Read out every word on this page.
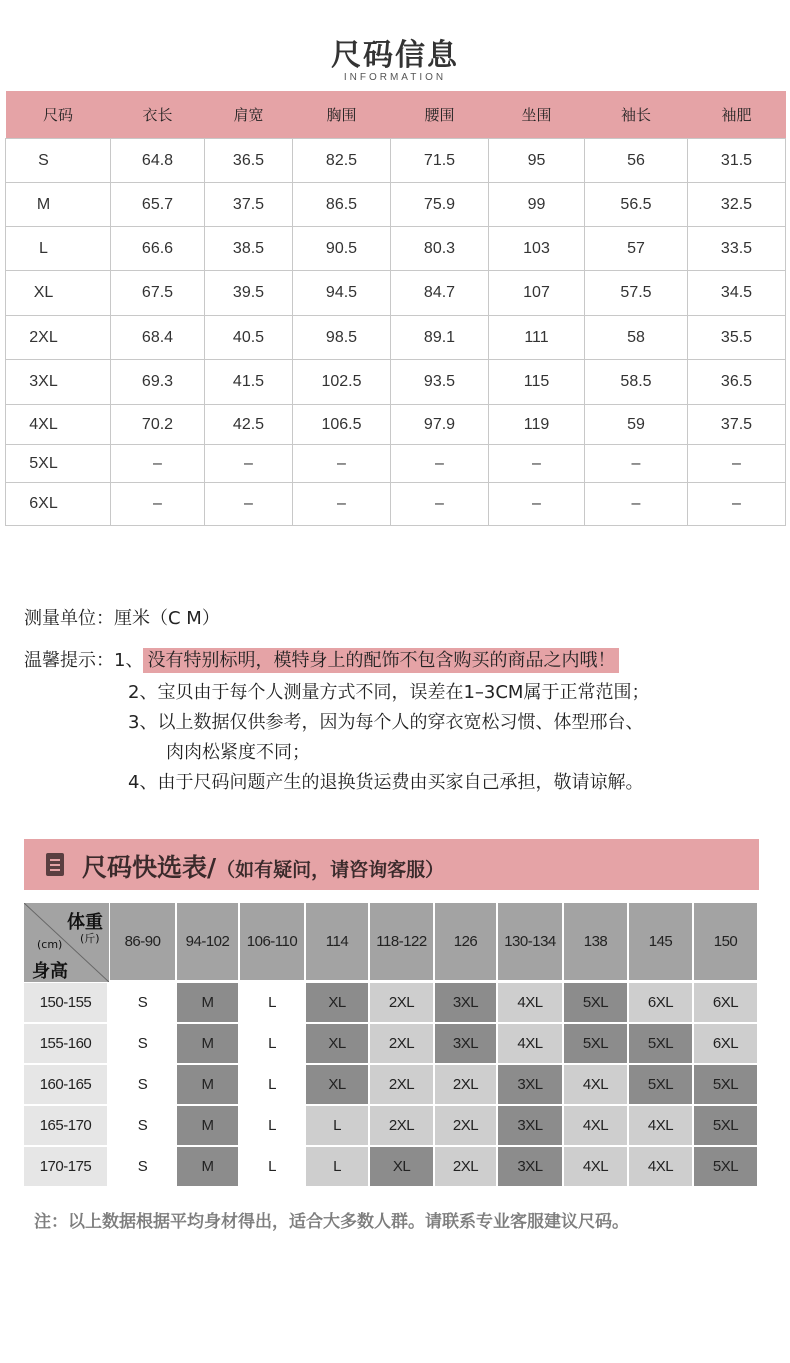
尺码信息
INFORMATION
尺码	衣长	肩宽	胸围	腰围	坐围	袖长	袖肥
S	64.8	36.5	82.5	71.5	95	56	31.5
M	65.7	37.5	86.5	75.9	99	56.5	32.5
L	66.6	38.5	90.5	80.3	103	57	33.5
XL	67.5	39.5	94.5	84.7	107	57.5	34.5
2XL	68.4	40.5	98.5	89.1	111	58	35.5
3XL	69.3	41.5	102.5	93.5	115	58.5	36.5
4XL	70.2	42.5	106.5	97.9	119	59	37.5
5XL	–	–	–	–	–	–	–
6XL	–	–	–	–	–	–	–
测量单位：厘米（C M）
温馨提示：1、 没有特别标明，模特身上的配饰不包含购买的商品之内哦！
2、宝贝由于每个人测量方式不同，误差在1–3CM属于正常范围；
3、以上数据仅供参考，因为每个人的穿衣宽松习惯、体型邢台、
肉肉松紧度不同；
4、由于尺码问题产生的退换货运费由买家自己承担，敬请谅解。
尺码快选表/（如有疑问，请咨询客服）
体重
(斤)
(cm)
身高
86-90	94-102	106-110	114	118-122	126	130-134	138	145	150
150-155	S	M	L	XL	2XL	3XL	4XL	5XL	6XL	6XL
155-160	S	M	L	XL	2XL	3XL	4XL	5XL	5XL	6XL
160-165	S	M	L	XL	2XL	2XL	3XL	4XL	5XL	5XL
165-170	S	M	L	L	2XL	2XL	3XL	4XL	4XL	5XL
170-175	S	M	L	L	XL	2XL	3XL	4XL	4XL	5XL
注：以上数据根据平均身材得出，适合大多数人群。请联系专业客服建议尺码。
